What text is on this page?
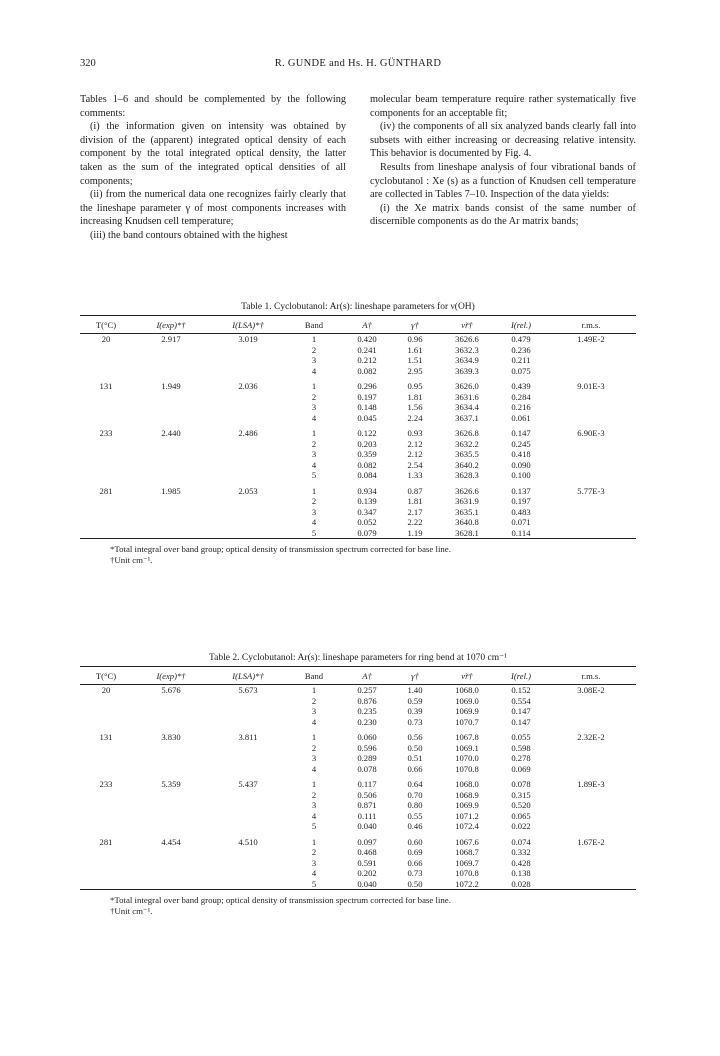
320	R. GUNDE and Hs. H. GÜNTHARD

Tables 1–6 and should be complemented by the following comments:

(i) the information given on intensity was obtained by division of the (apparent) integrated optical density of each component by the total integrated optical density, the latter taken as the sum of the integrated optical densities of all components;

(ii) from the numerical data one recognizes fairly clearly that the lineshape parameter γ of most components increases with increasing Knudsen cell temperature;

(iii) the band contours obtained with the highest

molecular beam temperature require rather systematically five components for an acceptable fit;

(iv) the components of all six analyzed bands clearly fall into subsets with either increasing or decreasing relative intensity. This behavior is documented by Fig. 4.

Results from lineshape analysis of four vibrational bands of cyclobutanol : Xe (s) as a function of Knudsen cell temperature are collected in Tables 7–10. Inspection of the data yields:

(i) the Xe matrix bands consist of the same number of discernible components as do the Ar matrix bands;

Table 1. Cyclobutanol: Ar(s): lineshape parameters for ν(OH)
T(°C)	I(exp)*†	I(LSA)*†	Band	A†	γ†	ν̃r†	I(rel.)	r.m.s.
20	2.917	3.019	1	0.420	0.96	3626.6	0.479	1.49E-2
			2	0.241	1.61	3632.3	0.236	
			3	0.212	1.51	3634.9	0.211	
			4	0.082	2.95	3639.3	0.075	
131	1.949	2.036	1	0.296	0.95	3626.0	0.439	9.01E-3
			2	0.197	1.81	3631.6	0.284	
			3	0.148	1.56	3634.4	0.216	
			4	0.045	2.24	3637.1	0.061	
233	2.440	2.486	1	0.122	0.93	3626.8	0.147	6.90E-3
			2	0.203	2.12	3632.2	0.245	
			3	0.359	2.12	3635.5	0.418	
			4	0.082	2.54	3640.2	0.090	
			5	0.084	1.33	3628.3	0.100	
281	1.985	2.053	1	0.934	0.87	3626.6	0.137	5.77E-3
			2	0.139	1.81	3631.9	0.197	
			3	0.347	2.17	3635.1	0.483	
			4	0.052	2.22	3640.8	0.071	
			5	0.079	1.19	3628.1	0.114	
*Total integral over band group; optical density of transmission spectrum corrected for base line.
†Unit cm⁻¹.
Table 2. Cyclobutanol: Ar(s): lineshape parameters for ring bend at 1070 cm⁻¹
T(°C)	I(exp)*†	I(LSA)*†	Band	A†	γ†	ν̃r†	I(rel.)	r.m.s.
20	5.676	5.673	1	0.257	1.40	1068.0	0.152	3.08E-2
			2	0.876	0.59	1069.0	0.554	
			3	0.235	0.39	1069.9	0.147	
			4	0.230	0.73	1070.7	0.147	
131	3.830	3.811	1	0.060	0.56	1067.8	0.055	2.32E-2
			2	0.596	0.50	1069.1	0.598	
			3	0.289	0.51	1070.0	0.278	
			4	0.078	0.66	1070.8	0.069	
233	5.359	5.437	1	0.117	0.64	1068.0	0.078	1.89E-3
			2	0.506	0.70	1068.9	0.315	
			3	0.871	0.80	1069.9	0.520	
			4	0.111	0.55	1071.2	0.065	
			5	0.040	0.46	1072.4	0.022	
281	4.454	4.510	1	0.097	0.60	1067.6	0.074	1.67E-2
			2	0.468	0.69	1068.7	0.332	
			3	0.591	0.66	1069.7	0.428	
			4	0.202	0.73	1070.8	0.138	
			5	0.040	0.50	1072.2	0.028	
*Total integral over band group; optical density of transmission spectrum corrected for base line.
†Unit cm⁻¹.
